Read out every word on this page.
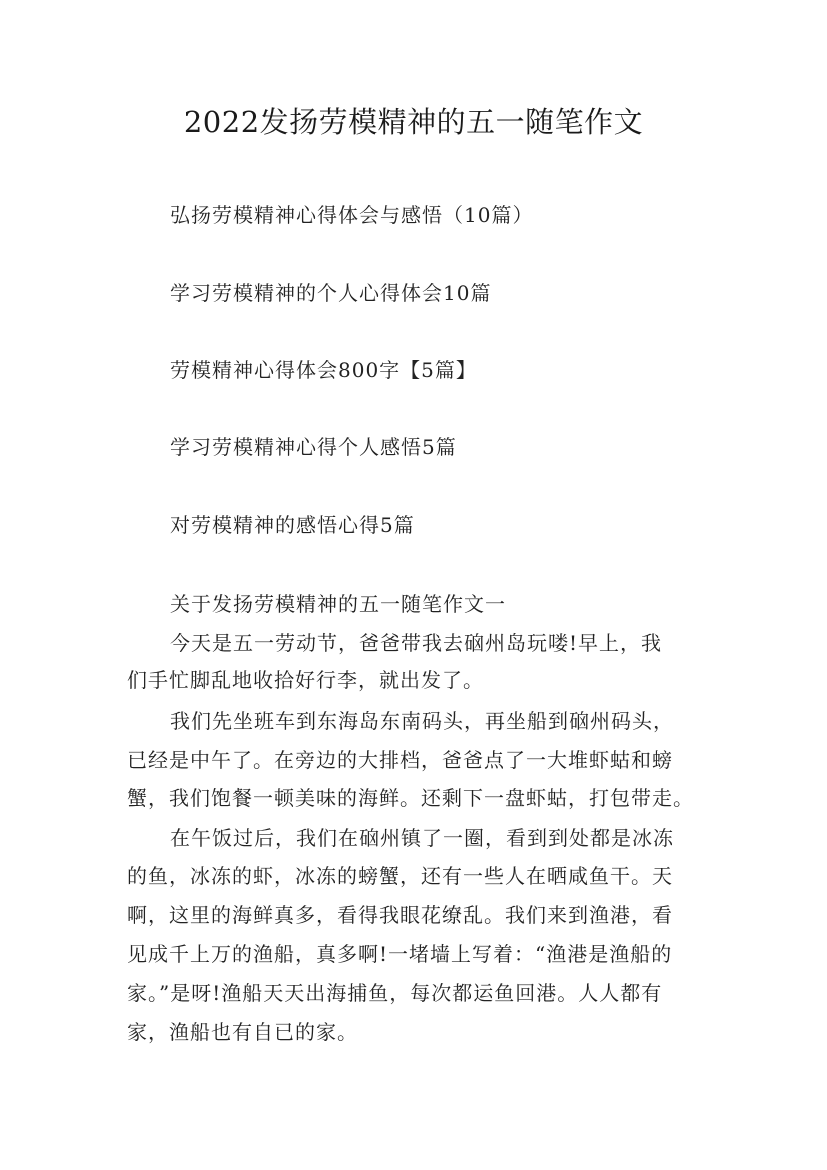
2022发扬劳模精神的五一随笔作文

弘扬劳模精神心得体会与感悟（10篇）

学习劳模精神的个人心得体会10篇

劳模精神心得体会800字【5篇】

学习劳模精神心得个人感悟5篇

对劳模精神的感悟心得5篇

关于发扬劳模精神的五一随笔作文一

今天是五一劳动节，爸爸带我去硇州岛玩喽!早上，我

们手忙脚乱地收拾好行李，就出发了。

我们先坐班车到东海岛东南码头，再坐船到硇州码头，

已经是中午了。在旁边的大排档，爸爸点了一大堆虾蛄和螃

蟹，我们饱餐一顿美味的海鲜。还剩下一盘虾蛄，打包带走。

在午饭过后，我们在硇州镇了一圈，看到到处都是冰冻

的鱼，冰冻的虾，冰冻的螃蟹，还有一些人在晒咸鱼干。天

啊，这里的海鲜真多，看得我眼花缭乱。我们来到渔港，看

见成千上万的渔船，真多啊!一堵墙上写着：“渔港是渔船的

家。”是呀!渔船天天出海捕鱼，每次都运鱼回港。人人都有

家，渔船也有自已的家。
